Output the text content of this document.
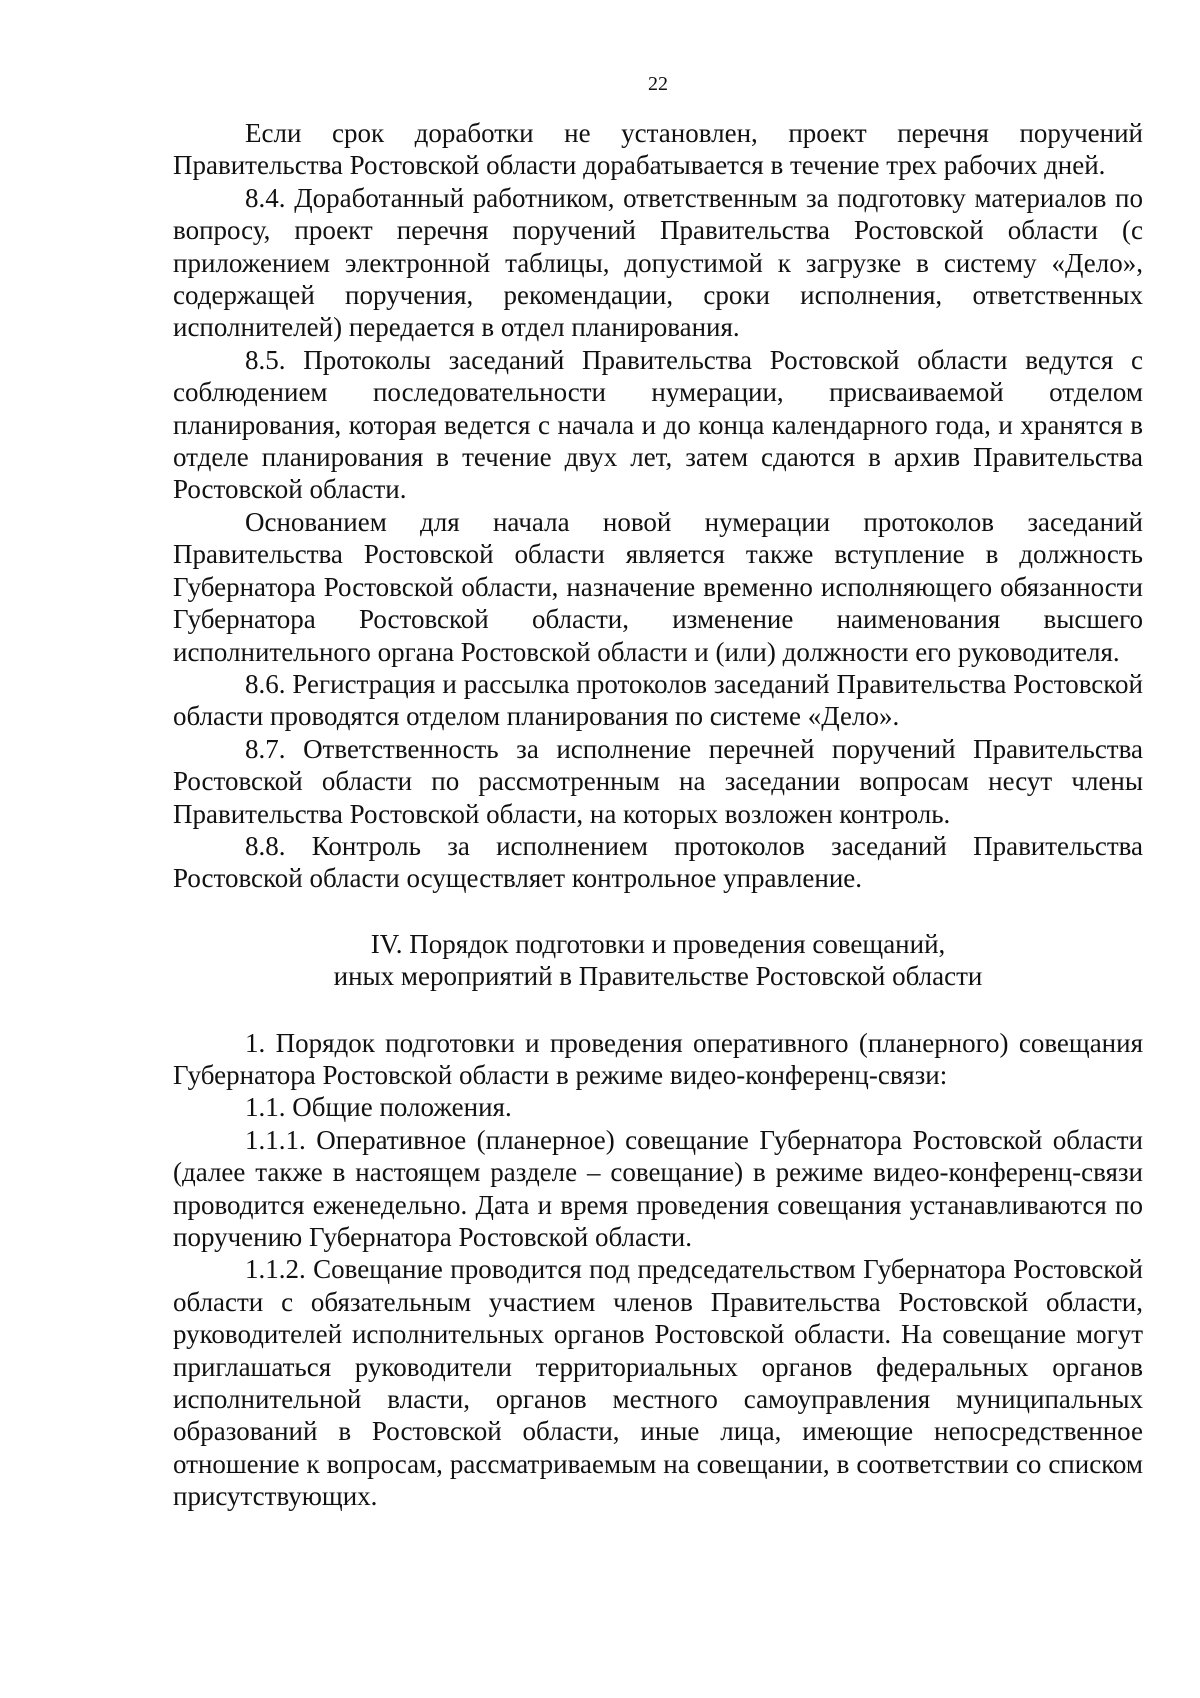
22

Если срок доработки не установлен, проект перечня поручений Правительства Ростовской области дорабатывается в течение трех рабочих дней.

8.4. Доработанный работником, ответственным за подготовку материалов по вопросу, проект перечня поручений Правительства Ростовской области (с приложением электронной таблицы, допустимой к загрузке в систему «Дело», содержащей поручения, рекомендации, сроки исполнения, ответственных исполнителей) передается в отдел планирования.

8.5. Протоколы заседаний Правительства Ростовской области ведутся с соблюдением последовательности нумерации, присваиваемой отделом планирования, которая ведется с начала и до конца календарного года, и хранятся в отделе планирования в течение двух лет, затем сдаются в архив Правительства Ростовской области.

Основанием для начала новой нумерации протоколов заседаний Правительства Ростовской области является также вступление в должность Губернатора Ростовской области, назначение временно исполняющего обязанности Губернатора Ростовской области, изменение наименования высшего исполнительного органа Ростовской области и (или) должности его руководителя.

8.6. Регистрация и рассылка протоколов заседаний Правительства Ростовской области проводятся отделом планирования по системе «Дело».

8.7. Ответственность за исполнение перечней поручений Правительства Ростовской области по рассмотренным на заседании вопросам несут члены Правительства Ростовской области, на которых возложен контроль.

8.8. Контроль за исполнением протоколов заседаний Правительства Ростовской области осуществляет контрольное управление.

IV. Порядок подготовки и проведения совещаний,
иных мероприятий в Правительстве Ростовской области

1. Порядок подготовки и проведения оперативного (планерного) совещания Губернатора Ростовской области в режиме видео-конференц-связи:

1.1. Общие положения.

1.1.1. Оперативное (планерное) совещание Губернатора Ростовской области (далее также в настоящем разделе – совещание) в режиме видео-конференц-связи проводится еженедельно. Дата и время проведения совещания устанавливаются по поручению Губернатора Ростовской области.

1.1.2. Совещание проводится под председательством Губернатора Ростовской области с обязательным участием членов Правительства Ростовской области, руководителей исполнительных органов Ростовской области. На совещание могут приглашаться руководители территориальных органов федеральных органов исполнительной власти, органов местного самоуправления муниципальных образований в Ростовской области, иные лица, имеющие непосредственное отношение к вопросам, рассматриваемым на совещании, в соответствии со списком присутствующих.
